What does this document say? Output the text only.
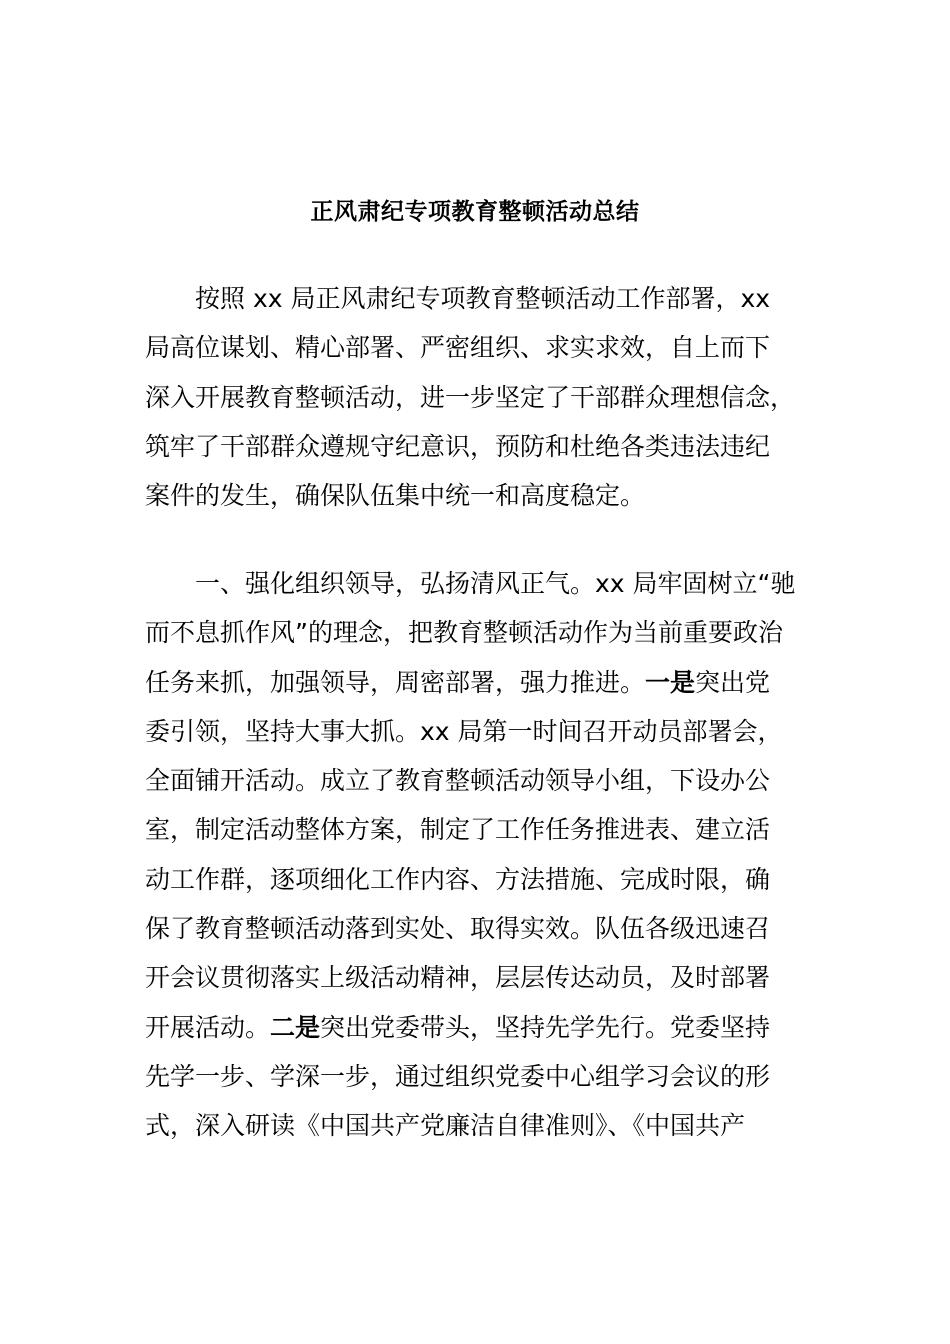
正风肃纪专项教育整顿活动总结
按照 xx 局正风肃纪专项教育整顿活动工作部署，xx
局高位谋划、精心部署、严密组织、求实求效，自上而下
深入开展教育整顿活动，进一步坚定了干部群众理想信念，
筑牢了干部群众遵规守纪意识，预防和杜绝各类违法违纪
案件的发生，确保队伍集中统一和高度稳定。
一、强化组织领导，弘扬清风正气。xx 局牢固树立“驰
而不息抓作风”的理念，把教育整顿活动作为当前重要政治
任务来抓，加强领导，周密部署，强力推进。一是突出党
委引领，坚持大事大抓。xx 局第一时间召开动员部署会，
全面铺开活动。成立了教育整顿活动领导小组，下设办公
室，制定活动整体方案，制定了工作任务推进表、建立活
动工作群，逐项细化工作内容、方法措施、完成时限，确
保了教育整顿活动落到实处、取得实效。队伍各级迅速召
开会议贯彻落实上级活动精神，层层传达动员，及时部署
开展活动。二是突出党委带头，坚持先学先行。党委坚持
先学一步、学深一步，通过组织党委中心组学习会议的形
式，深入研读《中国共产党廉洁自律准则》、《中国共产
